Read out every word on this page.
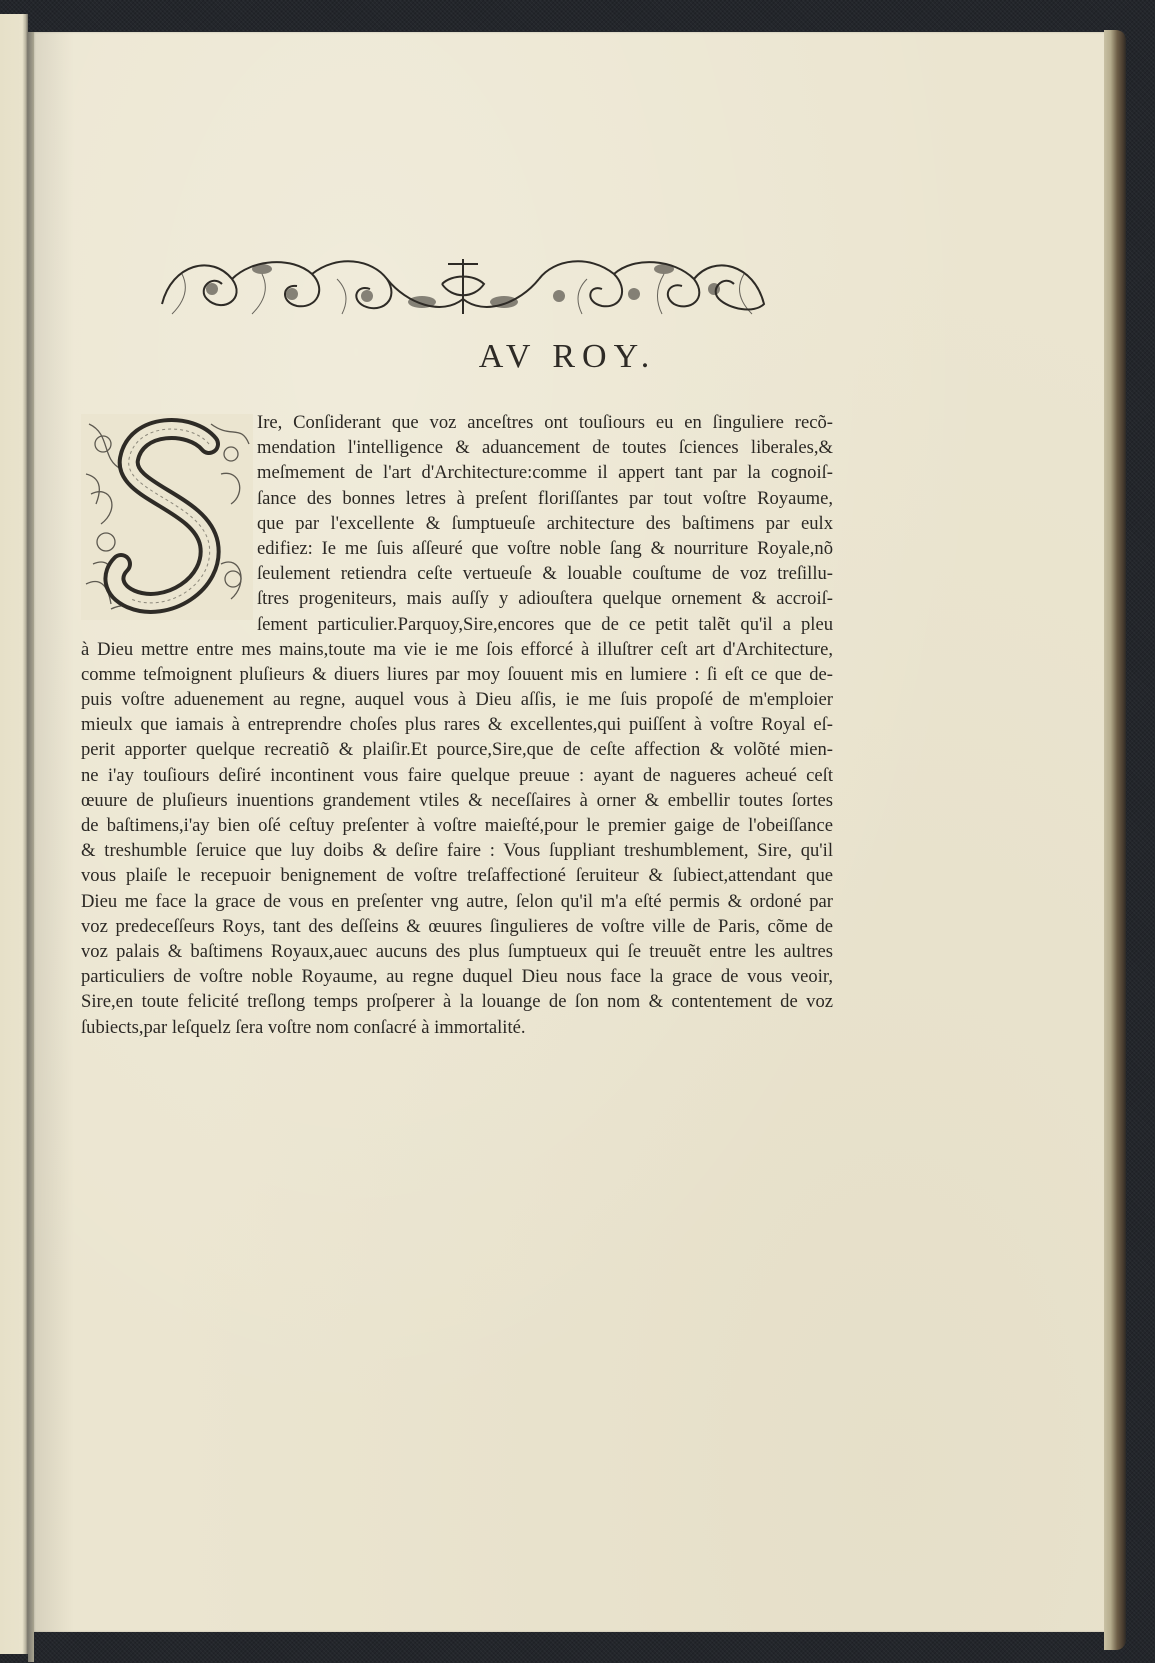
AV ROY.
Ire, Conſiderant que voz anceſtres ont touſiours eu en ſinguliere recõ-
mendation l'intelligence & aduancement de toutes ſciences liberales,&
meſmement de l'art d'Architecture:comme il appert tant par la cognoiſ-
ſance des bonnes letres à preſent floriſſantes par tout voſtre Royaume,
que par l'excellente & ſumptueuſe architecture des baſtimens par eulx
edifiez: Ie me ſuis aſſeuré que voſtre noble ſang & nourriture Royale,nõ
ſeulement retiendra ceſte vertueuſe & louable couſtume de voz treſillu-
ſtres progeniteurs, mais auſſy y adiouſtera quelque ornement & accroiſ-
ſement particulier.Parquoy,Sire,encores que de ce petit talẽt qu'il a pleu
à Dieu mettre entre mes mains,toute ma vie ie me ſois efforcé à illuſtrer ceſt art d'Architecture,
comme teſmoignent pluſieurs & diuers liures par moy ſouuent mis en lumiere : ſi eſt ce que de-
puis voſtre aduenement au regne, auquel vous à Dieu aſſis, ie me ſuis propoſé de m'emploier
mieulx que iamais à entreprendre choſes plus rares & excellentes,qui puiſſent à voſtre Royal eſ-
perit apporter quelque recreatiõ & plaiſir.Et pource,Sire,que de ceſte affection & volõté mien-
ne i'ay touſiours deſiré incontinent vous faire quelque preuue : ayant de nagueres acheué ceſt
œuure de pluſieurs inuentions grandement vtiles & neceſſaires à orner & embellir toutes ſortes
de baſtimens,i'ay bien oſé ceſtuy preſenter à voſtre maieſté,pour le premier gaige de l'obeiſſance
& treshumble ſeruice que luy doibs & deſire faire : Vous ſuppliant treshumblement, Sire, qu'il
vous plaiſe le recepuoir benignement de voſtre treſaffectioné ſeruiteur & ſubiect,attendant que
Dieu me face la grace de vous en preſenter vng autre, ſelon qu'il m'a eſté permis & ordoné par
voz predeceſſeurs Roys, tant des deſſeins & œuures ſingulieres de voſtre ville de Paris, cõme de
voz palais & baſtimens Royaux,auec aucuns des plus ſumptueux qui ſe treuuẽt entre les aultres
particuliers de voſtre noble Royaume, au regne duquel Dieu nous face la grace de vous veoir,
Sire,en toute felicité treſlong temps proſperer à la louange de ſon nom & contentement de voz
ſubiects,par leſquelz ſera voſtre nom conſacré à immortalité.
